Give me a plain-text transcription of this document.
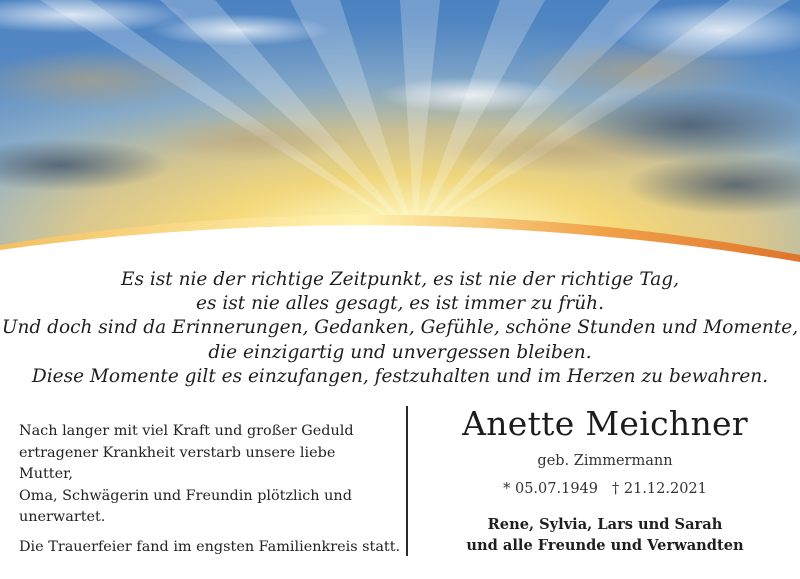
Es ist nie der richtige Zeitpunkt, es ist nie der richtige Tag,
es ist nie alles gesagt, es ist immer zu früh.
Und doch sind da Erinnerungen, Gedanken, Gefühle, schöne Stunden und Momente,
die einzigartig und unvergessen bleiben.
Diese Momente gilt es einzufangen, festzuhalten und im Herzen zu bewahren.
Nach langer mit viel Kraft und großer Geduld
ertragener Krankheit verstarb unsere liebe Mutter,
Oma, Schwägerin und Freundin plötzlich und
unerwartet.
Die Trauerfeier fand im engsten Familienkreis statt.
Anette Meichner
geb. Zimmermann
* 05.07.1949 † 21.12.2021
Rene, Sylvia, Lars und Sarah
und alle Freunde und Verwandten
